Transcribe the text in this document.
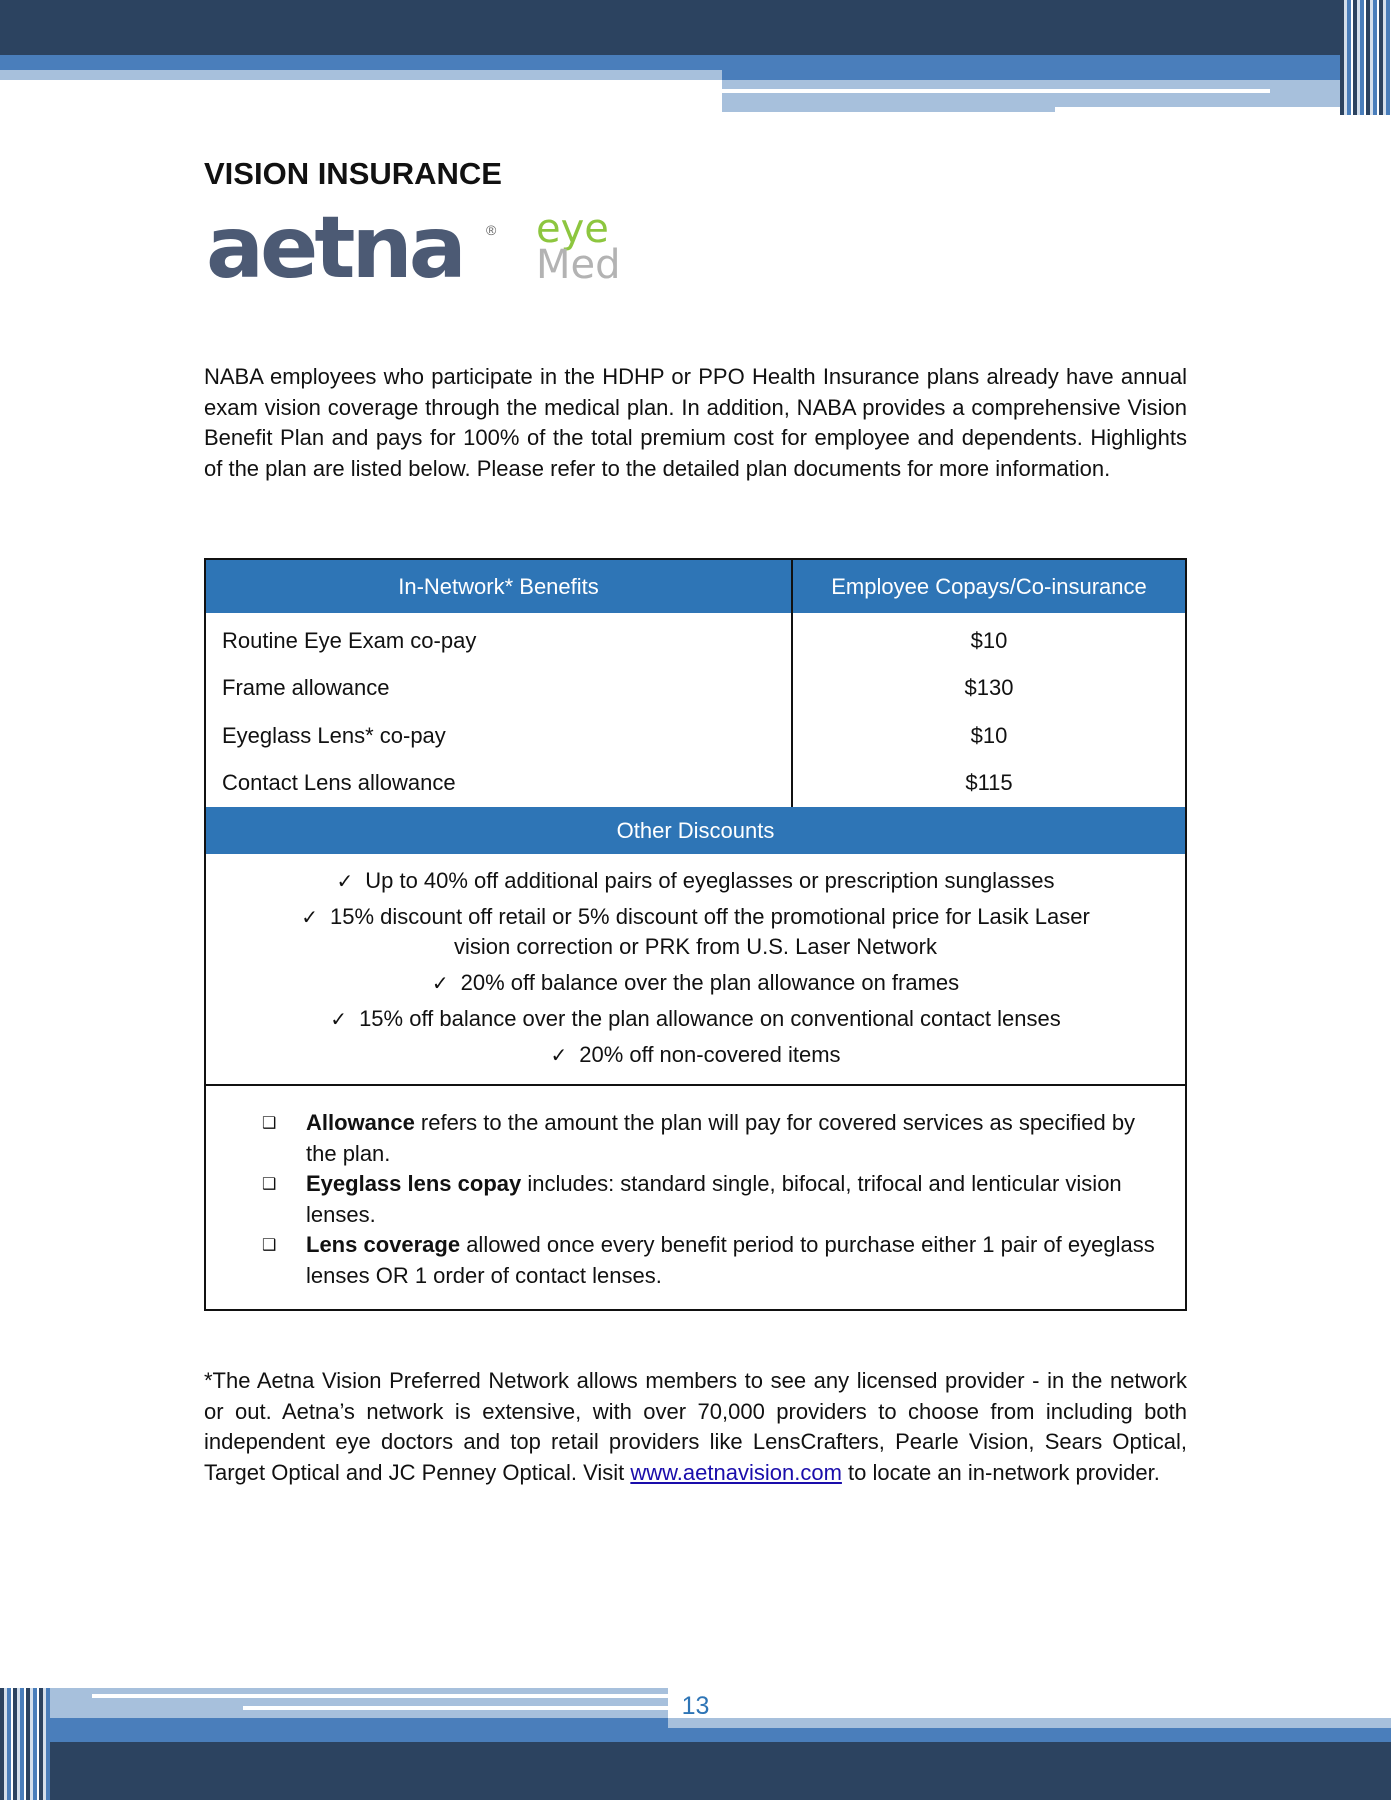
VISION INSURANCE
aetna ® eye
Med

NABA employees who participate in the HDHP or PPO Health Insurance plans already have annual exam vision coverage through the medical plan. In addition, NABA provides a comprehensive Vision Benefit Plan and pays for 100% of the total premium cost for employee and dependents. Highlights of the plan are listed below. Please refer to the detailed plan documents for more information.

In-Network* Benefits	Employee Copays/Co-insurance
Routine Eye Exam co-pay
Frame allowance
Eyeglass Lens* co-pay
Contact Lens allowance
$10
$130
$10
$115
Other Discounts
✓ Up to 40% off additional pairs of eyeglasses or prescription sunglasses
✓ 15% discount off retail or 5% discount off the promotional price for Lasik Laser vision correction or PRK from U.S. Laser Network
✓ 20% off balance over the plan allowance on frames
✓ 15% off balance over the plan allowance on conventional contact lenses
✓ 20% off non-covered items
❑ Allowance refers to the amount the plan will pay for covered services as specified by the plan.
❑ Eyeglass lens copay includes: standard single, bifocal, trifocal and lenticular vision lenses.
❑ Lens coverage allowed once every benefit period to purchase either 1 pair of eyeglass lenses OR 1 order of contact lenses.

*The Aetna Vision Preferred Network allows members to see any licensed provider - in the network or out. Aetna’s network is extensive, with over 70,000 providers to choose from including both independent eye doctors and top retail providers like LensCrafters, Pearle Vision, Sears Optical, Target Optical and JC Penney Optical. Visit www.aetnavision.com to locate an in-network provider.

13
